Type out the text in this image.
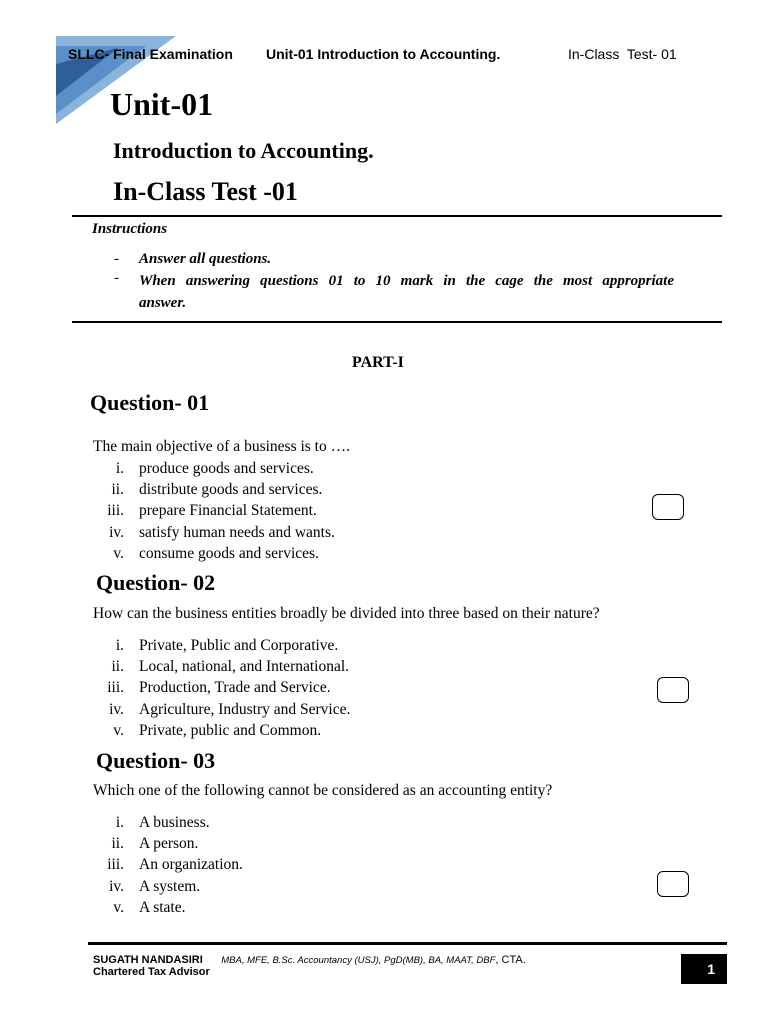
SLLC- Final Examination Unit-01 Introduction to Accounting.	In-Class  Test- 01
Unit-01
Introduction to Accounting.
In-Class Test -01
Instructions
-	Answer all questions.
-	When answering questions 01 to 10 mark in the cage the most appropriate answer.
PART-I
Question- 01
The main objective of a business is to ….
i. produce goods and services.
ii. distribute goods and services.
iii. prepare Financial Statement.
iv. satisfy human needs and wants.
v. consume goods and services.
Question- 02
How can the business entities broadly be divided into three based on their nature?
i. Private, Public and Corporative.
ii. Local, national, and International.
iii. Production, Trade and Service.
iv. Agriculture, Industry and Service.
v. Private, public and Common.
Question- 03
Which one of the following cannot be considered as an accounting entity?
i. A business.
ii. A person.
iii. An organization.
iv. A system.
v. A state.
SUGATH NANDASIRI MBA, MFE, B.Sc. Accountancy (USJ), PgD(MB), BA, MAAT, DBF, CTA.
Chartered Tax Advisor	1
